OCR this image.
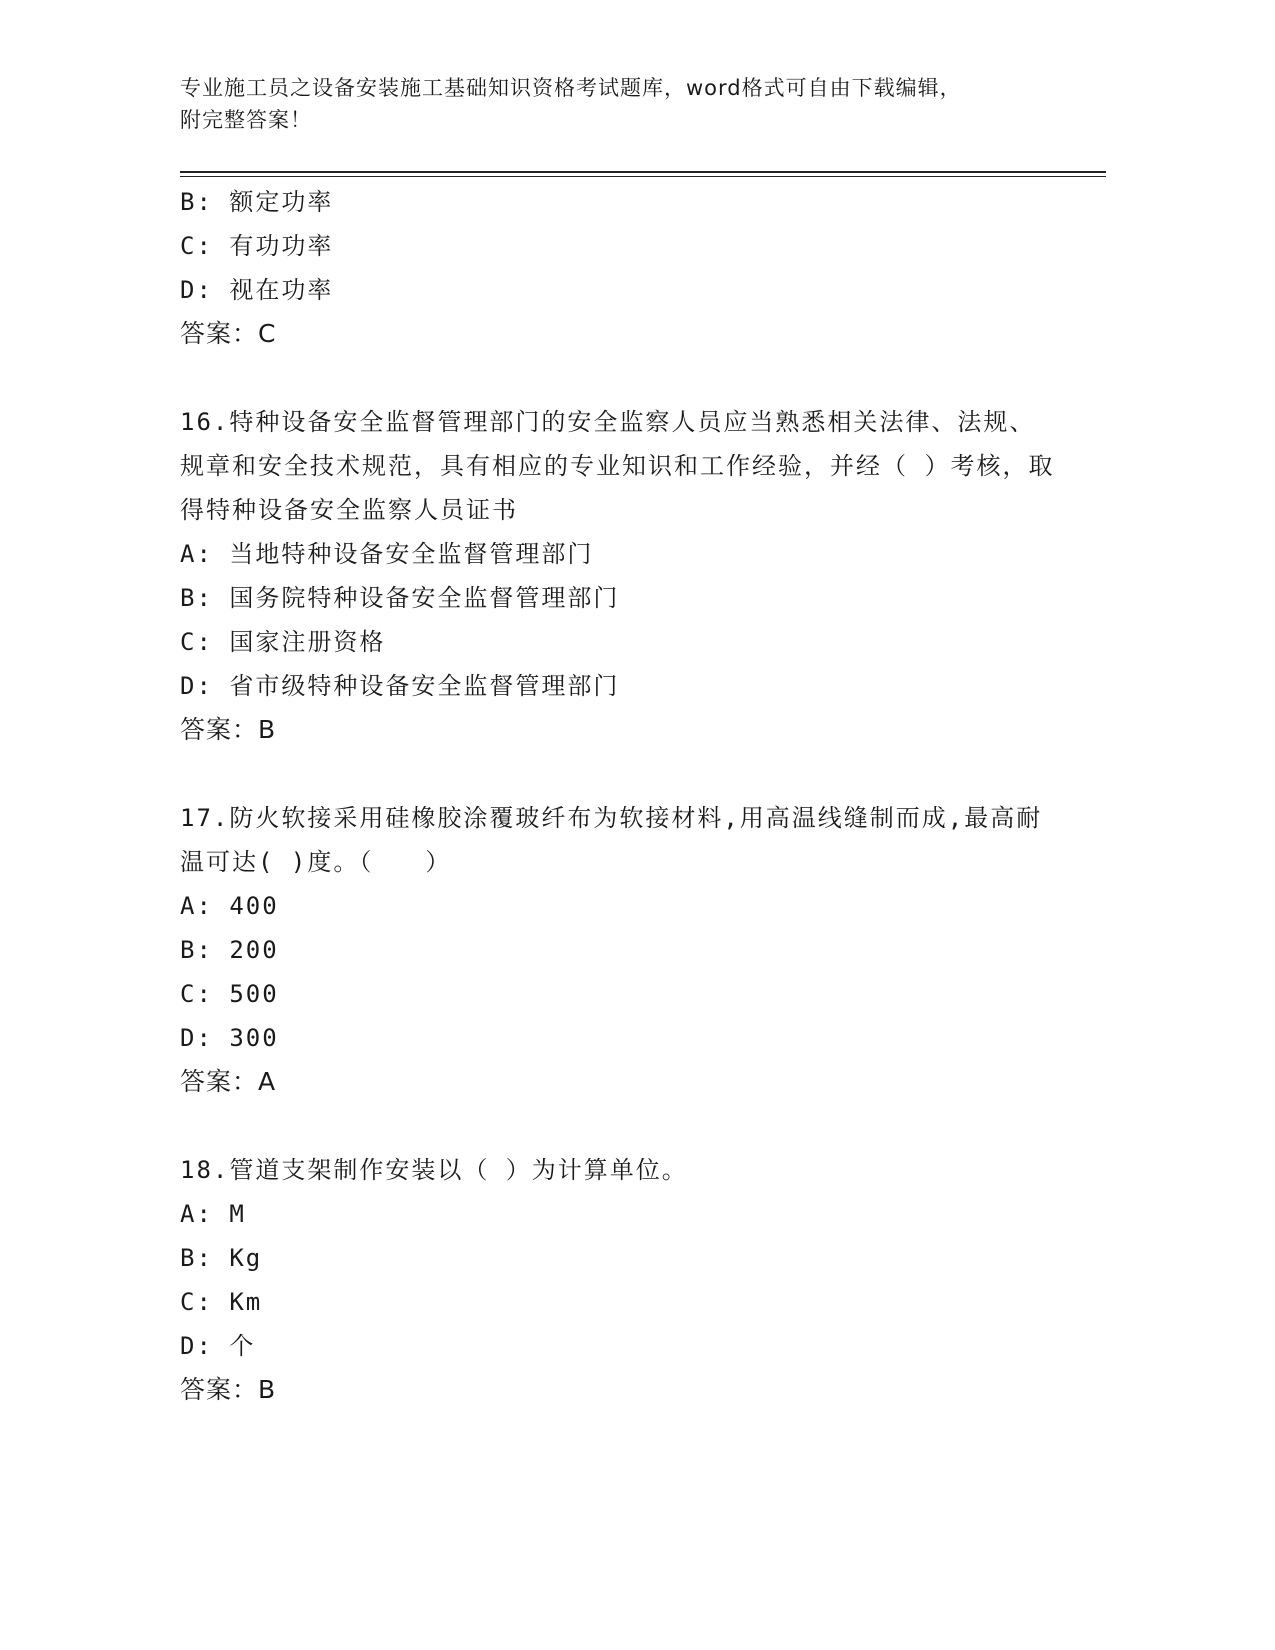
专业施工员之设备安装施工基础知识资格考试题库，word格式可自由下载编辑，
附完整答案！

B: 额定功率

C: 有功功率

D: 视在功率

答案：C

16.特种设备安全监督管理部门的安全监察人员应当熟悉相关法律、法规、规章和安全技术规范，具有相应的专业知识和工作经验，并经（ ）考核，取得特种设备安全监察人员证书

A: 当地特种设备安全监督管理部门

B: 国务院特种设备安全监督管理部门

C: 国家注册资格

D: 省市级特种设备安全监督管理部门

答案：B

17.防火软接采用硅橡胶涂覆玻纤布为软接材料,用高温线缝制而成,最高耐温可达( )度。（　　）

A: 400

B: 200

C: 500

D: 300

答案：A

18.管道支架制作安装以（ ）为计算单位。

A: M

B: Kg

C: Km

D: 个

答案：B
